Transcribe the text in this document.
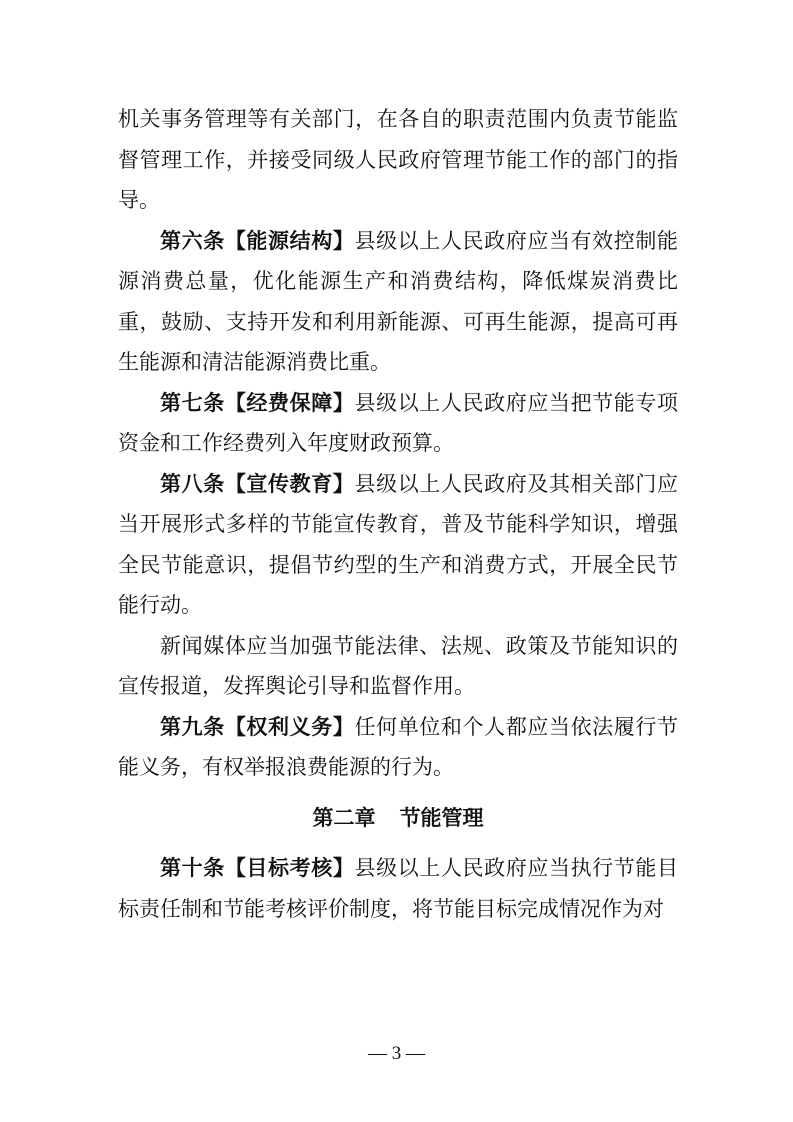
机关事务管理等有关部门，在各自的职责范围内负责节能监督管理工作，并接受同级人民政府管理节能工作的部门的指导。

第六条【能源结构】县级以上人民政府应当有效控制能源消费总量，优化能源生产和消费结构，降低煤炭消费比重，鼓励、支持开发和利用新能源、可再生能源，提高可再生能源和清洁能源消费比重。

第七条【经费保障】县级以上人民政府应当把节能专项资金和工作经费列入年度财政预算。

第八条【宣传教育】县级以上人民政府及其相关部门应当开展形式多样的节能宣传教育，普及节能科学知识，增强全民节能意识，提倡节约型的生产和消费方式，开展全民节能行动。

新闻媒体应当加强节能法律、法规、政策及节能知识的宣传报道，发挥舆论引导和监督作用。

第九条【权利义务】任何单位和个人都应当依法履行节能义务，有权举报浪费能源的行为。

第二章 节能管理

第十条【目标考核】县级以上人民政府应当执行节能目标责任制和节能考核评价制度，将节能目标完成情况作为对

— 3 —
